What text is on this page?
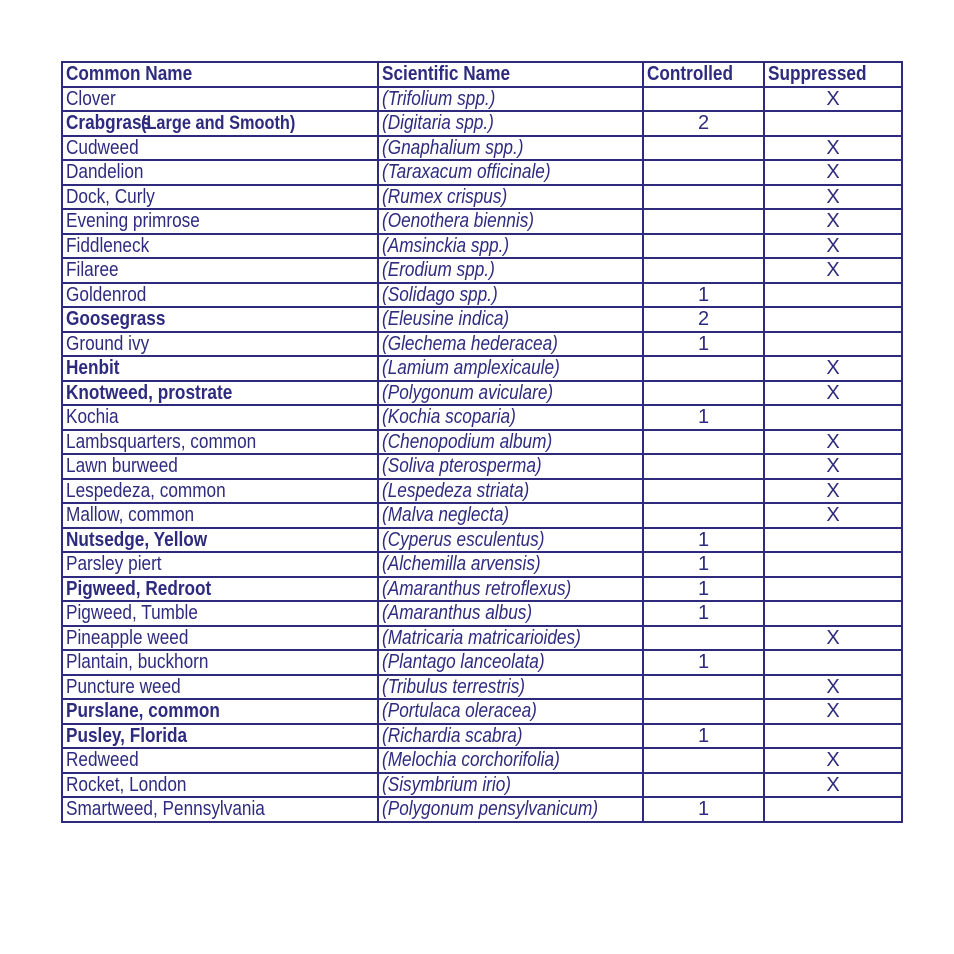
Common Name	Scientific Name	Controlled	Suppressed
Clover	(Trifolium spp.)		X
Crabgrass (Large and Smooth)	(Digitaria spp.)	2	
Cudweed	(Gnaphalium spp.)		X
Dandelion	(Taraxacum officinale)		X
Dock, Curly	(Rumex crispus)		X
Evening primrose	(Oenothera biennis)		X
Fiddleneck	(Amsinckia spp.)		X
Filaree	(Erodium spp.)		X
Goldenrod	(Solidago spp.)	1	
Goosegrass	(Eleusine indica)	2	
Ground ivy	(Glechema hederacea)	1	
Henbit	(Lamium amplexicaule)		X
Knotweed, prostrate	(Polygonum aviculare)		X
Kochia	(Kochia scoparia)	1	
Lambsquarters, common	(Chenopodium album)		X
Lawn burweed	(Soliva pterosperma)		X
Lespedeza, common	(Lespedeza striata)		X
Mallow, common	(Malva neglecta)		X
Nutsedge, Yellow	(Cyperus esculentus)	1	
Parsley piert	(Alchemilla arvensis)	1	
Pigweed, Redroot	(Amaranthus retroflexus)	1	
Pigweed, Tumble	(Amaranthus albus)	1	
Pineapple weed	(Matricaria matricarioides)		X
Plantain, buckhorn	(Plantago lanceolata)	1	
Puncture weed	(Tribulus terrestris)		X
Purslane, common	(Portulaca oleracea)		X
Pusley, Florida	(Richardia scabra)	1	
Redweed	(Melochia corchorifolia)		X
Rocket, London	(Sisymbrium irio)		X
Smartweed, Pennsylvania	(Polygonum pensylvanicum)	1	
